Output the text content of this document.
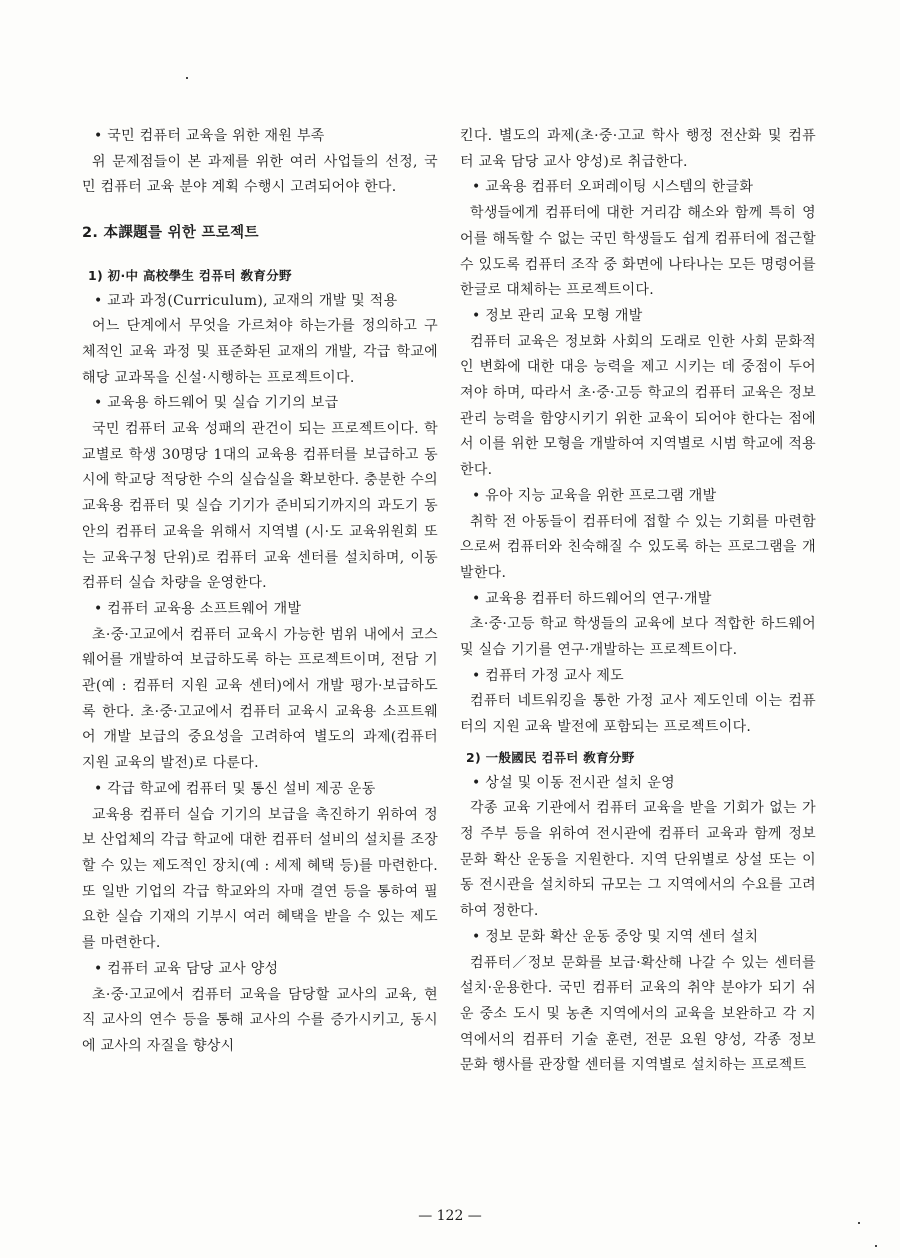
• 국민 컴퓨터 교육을 위한 재원 부족
위 문제점들이 본 과제를 위한 여러 사업들의 선정, 국민 컴퓨터 교육 분야 계획 수행시 고려되어야 한다.
2. 本課題를 위한 프로젝트
1) 初·中 高校學生 컴퓨터 敎育分野
• 교과 과정(Curriculum), 교재의 개발 및 적용
어느 단계에서 무엇을 가르쳐야 하는가를 정의하고 구체적인 교육 과정 및 표준화된 교재의 개발, 각급 학교에 해당 교과목을 신설·시행하는 프로젝트이다.
• 교육용 하드웨어 및 실습 기기의 보급
국민 컴퓨터 교육 성패의 관건이 되는 프로젝트이다. 학교별로 학생 30명당 1대의 교육용 컴퓨터를 보급하고 동시에 학교당 적당한 수의 실습실을 확보한다. 충분한 수의 교육용 컴퓨터 및 실습 기기가 준비되기까지의 과도기 동안의 컴퓨터 교육을 위해서 지역별 (시·도 교육위원회 또는 교육구청 단위)로 컴퓨터 교육 센터를 설치하며, 이동 컴퓨터 실습 차량을 운영한다.
• 컴퓨터 교육용 소프트웨어 개발
초·중·고교에서 컴퓨터 교육시 가능한 범위 내에서 코스웨어를 개발하여 보급하도록 하는 프로젝트이며, 전담 기관(예 : 컴퓨터 지원 교육 센터)에서 개발 평가·보급하도록 한다. 초·중·고교에서 컴퓨터 교육시 교육용 소프트웨어 개발 보급의 중요성을 고려하여 별도의 과제(컴퓨터 지원 교육의 발전)로 다룬다.
• 각급 학교에 컴퓨터 및 통신 설비 제공 운동
교육용 컴퓨터 실습 기기의 보급을 촉진하기 위하여 정보 산업체의 각급 학교에 대한 컴퓨터 설비의 설치를 조장할 수 있는 제도적인 장치(예 : 세제 혜택 등)를 마련한다. 또 일반 기업의 각급 학교와의 자매 결연 등을 통하여 필요한 실습 기재의 기부시 여러 혜택을 받을 수 있는 제도를 마련한다.
• 컴퓨터 교육 담당 교사 양성
초·중·고교에서 컴퓨터 교육을 담당할 교사의 교육, 현직 교사의 연수 등을 통해 교사의 수를 증가시키고, 동시에 교사의 자질을 향상시
킨다. 별도의 과제(초·중·고교 학사 행정 전산화 및 컴퓨터 교육 담당 교사 양성)로 취급한다.
• 교육용 컴퓨터 오퍼레이팅 시스템의 한글화
학생들에게 컴퓨터에 대한 거리감 해소와 함께 특히 영어를 해독할 수 없는 국민 학생들도 쉽게 컴퓨터에 접근할 수 있도록 컴퓨터 조작 중 화면에 나타나는 모든 명령어를 한글로 대체하는 프로젝트이다.
• 정보 관리 교육 모형 개발
컴퓨터 교육은 정보화 사회의 도래로 인한 사회 문화적인 변화에 대한 대응 능력을 제고 시키는 데 중점이 두어져야 하며, 따라서 초·중·고등 학교의 컴퓨터 교육은 정보 관리 능력을 함양시키기 위한 교육이 되어야 한다는 점에서 이를 위한 모형을 개발하여 지역별로 시범 학교에 적용한다.
• 유아 지능 교육을 위한 프로그램 개발
취학 전 아동들이 컴퓨터에 접할 수 있는 기회를 마련함으로써 컴퓨터와 친숙해질 수 있도록 하는 프로그램을 개발한다.
• 교육용 컴퓨터 하드웨어의 연구·개발
초·중·고등 학교 학생들의 교육에 보다 적합한 하드웨어 및 실습 기기를 연구·개발하는 프로젝트이다.
• 컴퓨터 가정 교사 제도
컴퓨터 네트워킹을 통한 가정 교사 제도인데 이는 컴퓨터의 지원 교육 발전에 포함되는 프로젝트이다.
2) 一般國民 컴퓨터 敎育分野
• 상설 및 이동 전시관 설치 운영
각종 교육 기관에서 컴퓨터 교육을 받을 기회가 없는 가정 주부 등을 위하여 전시관에 컴퓨터 교육과 함께 정보 문화 확산 운동을 지원한다. 지역 단위별로 상설 또는 이동 전시관을 설치하되 규모는 그 지역에서의 수요를 고려하여 정한다.
• 정보 문화 확산 운동 중앙 및 지역 센터 설치
컴퓨터／정보 문화를 보급·확산해 나갈 수 있는 센터를 설치·운용한다. 국민 컴퓨터 교육의 취약 분야가 되기 쉬운 중소 도시 및 농촌 지역에서의 교육을 보완하고 각 지역에서의 컴퓨터 기술 훈련, 전문 요원 양성, 각종 정보 문화 행사를 관장할 센터를 지역별로 설치하는 프로젝트
— 122 —
